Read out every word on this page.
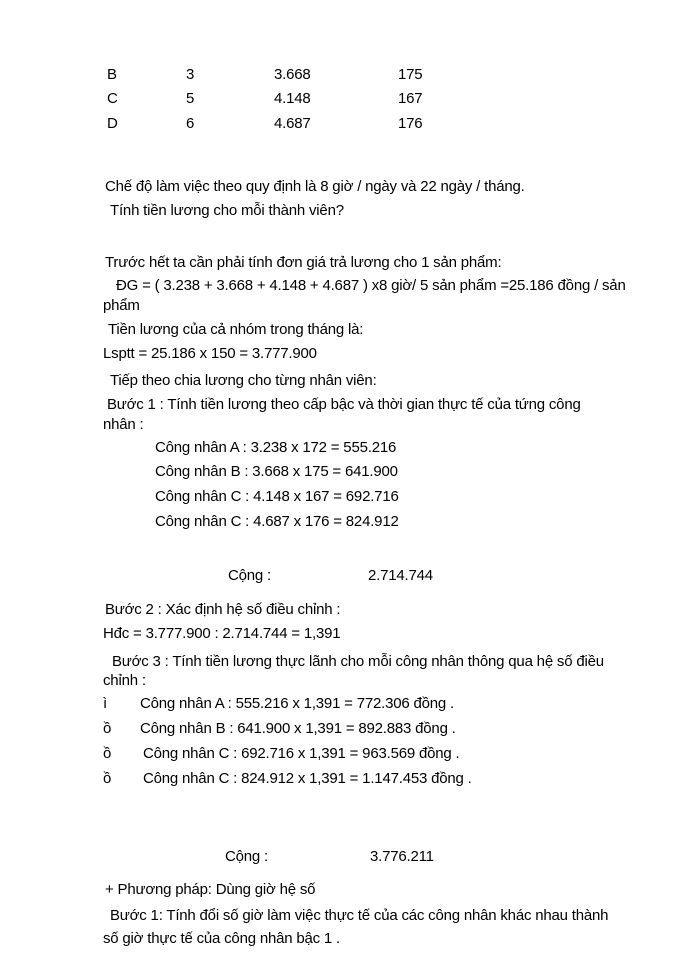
B	3	3.668	175
C	5	4.148	167
D	6	4.687	176
Chế độ làm việc theo quy định là 8 giờ / ngày và 22 ngày / tháng.
Tính tiền lương cho mỗi thành viên?
Trước hết ta cần phải tính đơn giá trả lương cho 1 sản phẩm:
ĐG = ( 3.238 + 3.668 + 4.148 + 4.687 ) x8 giờ/ 5 sản phẩm =25.186 đồng / sản
phẩm
Tiền lương của cả nhóm trong tháng là:
Lsptt = 25.186 x 150 = 3.777.900
Tiếp theo chia lương cho từng nhân viên:
Bước 1 : Tính tiền lương theo cấp bậc và thời gian thực tế của tứng công
nhân :
Công nhân A : 3.238 x 172 = 555.216
Công nhân B : 3.668 x 175 = 641.900
Công nhân C : 4.148 x 167 = 692.716
Công nhân C : 4.687 x 176 = 824.912
Cộng :	2.714.744
Bước 2 : Xác định hệ số điều chỉnh :
Hđc = 3.777.900 : 2.714.744 = 1,391
Bước 3 : Tính tiền lương thực lãnh cho mỗi công nhân thông qua hệ số điều
chỉnh :
ì Công nhân A : 555.216 x 1,391 = 772.306 đồng .
ồ Công nhân B : 641.900 x 1,391 = 892.883 đồng .
ồ Công nhân C : 692.716 x 1,391 = 963.569 đồng .
ồ Công nhân C : 824.912 x 1,391 = 1.147.453 đồng .
Cộng :	3.776.211
+ Phương pháp: Dùng giờ hệ số
Bước 1: Tính đổi số giờ làm việc thực tế của các công nhân khác nhau thành
số giờ thực tế của công nhân bậc 1 .
